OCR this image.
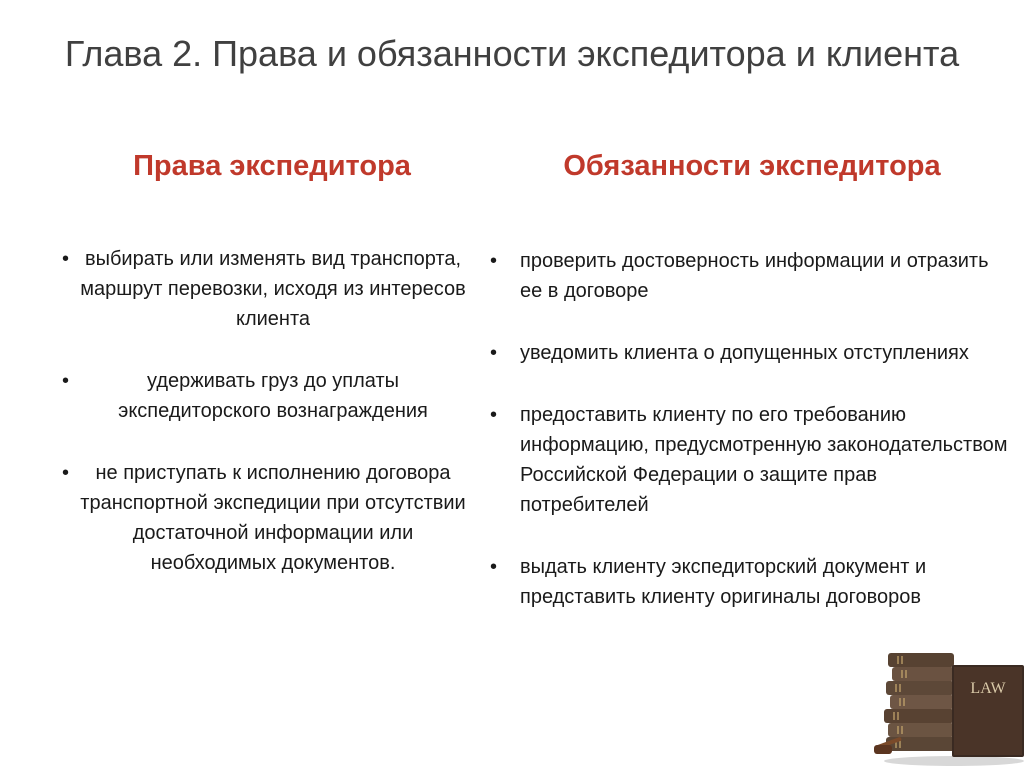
Глава 2. Права и обязанности экспедитора и клиента
Права экспедитора	Обязанности экспедитора
• выбирать или изменять вид транспорта, маршрут перевозки, исходя из интересов клиента
•	удерживать груз до уплаты экспедиторского вознаграждения
• не приступать к исполнению договора транспортной экспедиции при отсутствии достаточной информации или необходимых документов.
• проверить достоверность информации и отразить ее в договоре
• уведомить клиента о допущенных отступлениях
• предоставить клиенту по его требованию информацию, предусмотренную законодательством Российской Федерации о защите прав потребителей
• выдать клиенту экспедиторский документ и представить клиенту оригиналы договоров
LAW
